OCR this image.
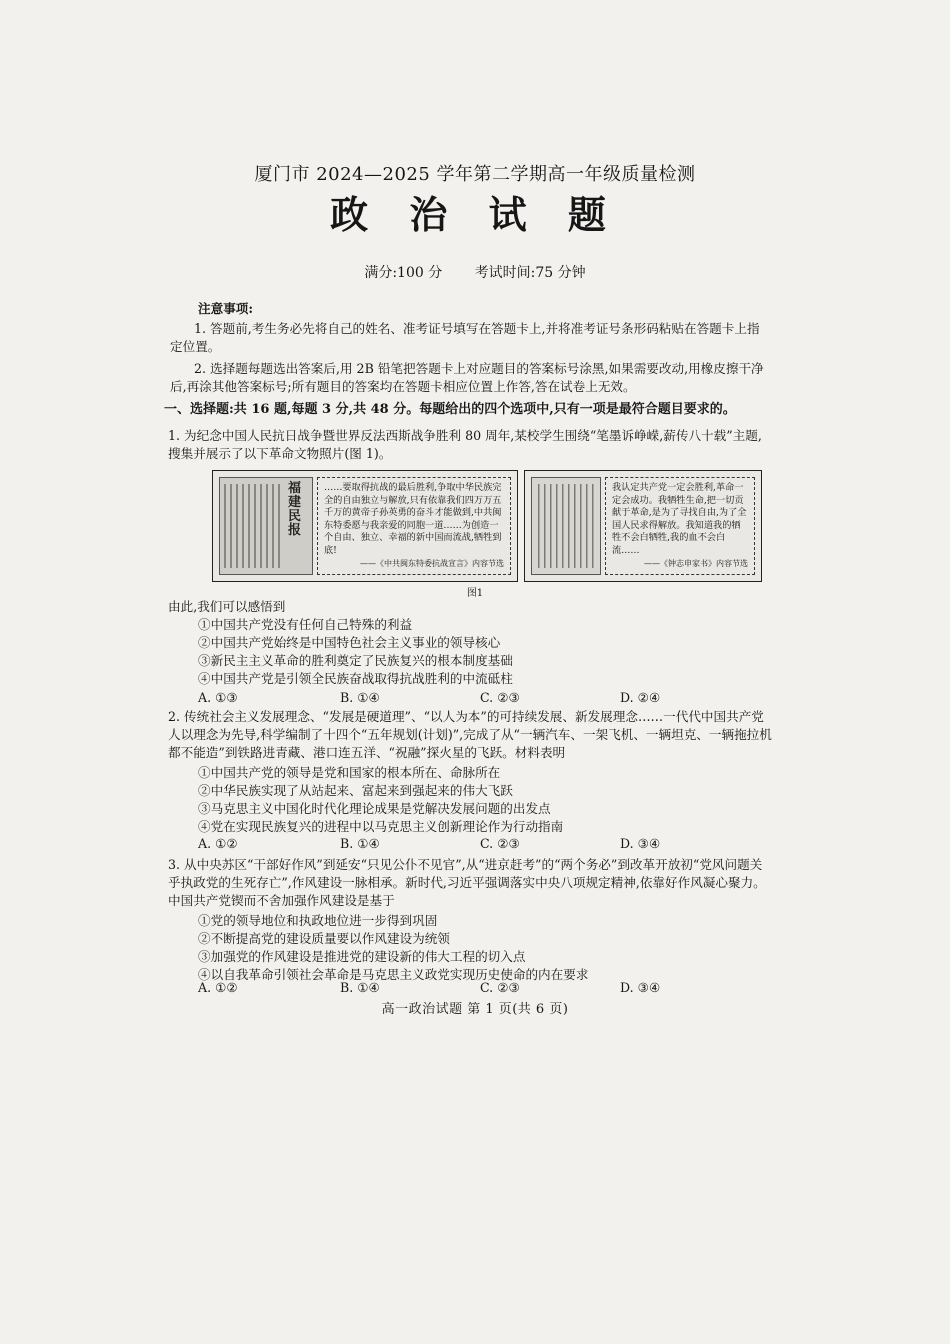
厦门市 2024—2025 学年第二学期高一年级质量检测
政 治 试 题
满分:100 分 考试时间:75 分钟
注意事项:
1. 答题前,考生务必先将自己的姓名、准考证号填写在答题卡上,并将准考证号条形码粘贴在答题卡上指定位置。
2. 选择题每题选出答案后,用 2B 铅笔把答题卡上对应题目的答案标号涂黑,如果需要改动,用橡皮擦干净后,再涂其他答案标号;所有题目的答案均在答题卡相应位置上作答,答在试卷上无效。
一、选择题:共 16 题,每题 3 分,共 48 分。每题给出的四个选项中,只有一项是最符合题目要求的。
1. 为纪念中国人民抗日战争暨世界反法西斯战争胜利 80 周年,某校学生围绕“笔墨诉峥嵘,薪传八十载”主题,搜集并展示了以下革命文物照片(图 1)。
福建民报
……要取得抗战的最后胜利,争取中华民族完全的自由独立与解放,只有依靠我们四万万五千万的黄帝子孙英勇的奋斗才能做到,中共闽东特委愿与我亲爱的同胞一道……为创造一个自由、独立、幸福的新中国而流战,牺牲到底!
——《中共闽东特委抗战宣言》内容节选
我认定共产党一定会胜利,革命一定会成功。我牺牲生命,把一切贡献于革命,是为了寻找自由,为了全国人民求得解放。我知道我的牺牲不会白牺牲,我的血不会白流……
——《钟志申家书》内容节选
图1
由此,我们可以感悟到
①中国共产党没有任何自己特殊的利益
②中国共产党始终是中国特色社会主义事业的领导核心
③新民主主义革命的胜利奠定了民族复兴的根本制度基础
④中国共产党是引领全民族奋战取得抗战胜利的中流砥柱
A. ①③	B. ①④	C. ②③	D. ②④
2. 传统社会主义发展理念、“发展是硬道理”、“以人为本”的可持续发展、新发展理念……一代代中国共产党人以理念为先导,科学编制了十四个“五年规划(计划)”,完成了从“一辆汽车、一架飞机、一辆坦克、一辆拖拉机都不能造”到铁路进青藏、港口连五洋、“祝融”探火星的飞跃。材料表明
①中国共产党的领导是党和国家的根本所在、命脉所在
②中华民族实现了从站起来、富起来到强起来的伟大飞跃
③马克思主义中国化时代化理论成果是党解决发展问题的出发点
④党在实现民族复兴的进程中以马克思主义创新理论作为行动指南
A. ①②	B. ①④	C. ②③	D. ③④
3. 从中央苏区“干部好作风”到延安“只见公仆不见官”,从“进京赶考”的“两个务必”到改革开放初“党风问题关乎执政党的生死存亡”,作风建设一脉相承。新时代,习近平强调落实中央八项规定精神,依靠好作风凝心聚力。中国共产党锲而不舍加强作风建设是基于
①党的领导地位和执政地位进一步得到巩固
②不断提高党的建设质量要以作风建设为统领
③加强党的作风建设是推进党的建设新的伟大工程的切入点
④以自我革命引领社会革命是马克思主义政党实现历史使命的内在要求
A. ①②	B. ①④	C. ②③	D. ③④
高一政治试题 第 1 页(共 6 页)
